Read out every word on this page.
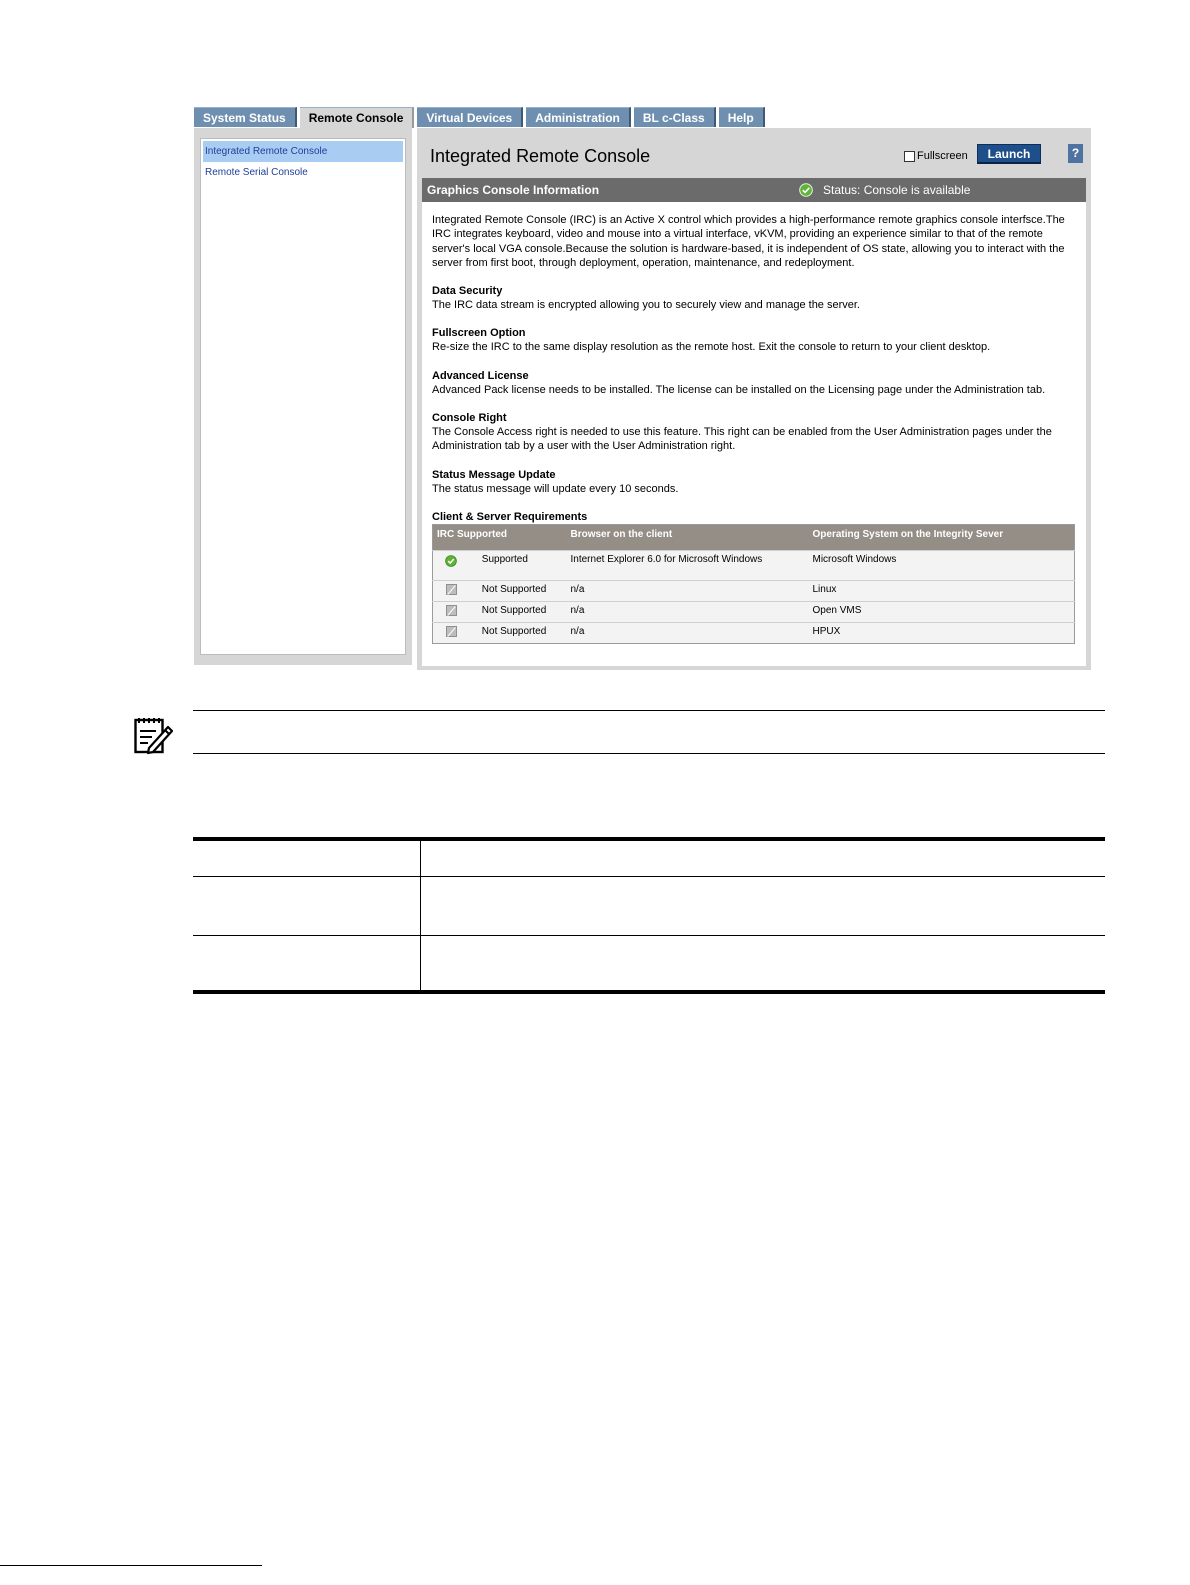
System Status	Remote Console	Virtual Devices	Administration	BL c-Class	Help
Integrated Remote Console
Remote Serial Console
Integrated Remote Console	Fullscreen	Launch	?
Graphics Console Information	Status: Console is available

Integrated Remote Console (IRC) is an Active X control which provides a high-performance remote graphics console interfsce.The IRC integrates keyboard, video and mouse into a virtual interface, vKVM, providing an experience similar to that of the remote server's local VGA console.Because the solution is hardware-based, it is independent of OS state, allowing you to interact with the server from first boot, through deployment, operation, maintenance, and redeployment.

Data Security

The IRC data stream is encrypted allowing you to securely view and manage the server.

Fullscreen Option

Re-size the IRC to the same display resolution as the remote host. Exit the console to return to your client desktop.

Advanced License

Advanced Pack license needs to be installed. The license can be installed on the Licensing page under the Administration tab.

Console Right

The Console Access right is needed to use this feature. This right can be enabled from the User Administration pages under the Administration tab by a user with the User Administration right.

Status Message Update

The status message will update every 10 seconds.

Client & Server Requirements
IRC Supported	Browser on the client	Operating System on the Integrity Sever
Supported	Internet Explorer 6.0 for Microsoft Windows	Microsoft Windows
Not Supported	n/a	Linux
Not Supported	n/a	Open VMS
Not Supported	n/a	HPUX
